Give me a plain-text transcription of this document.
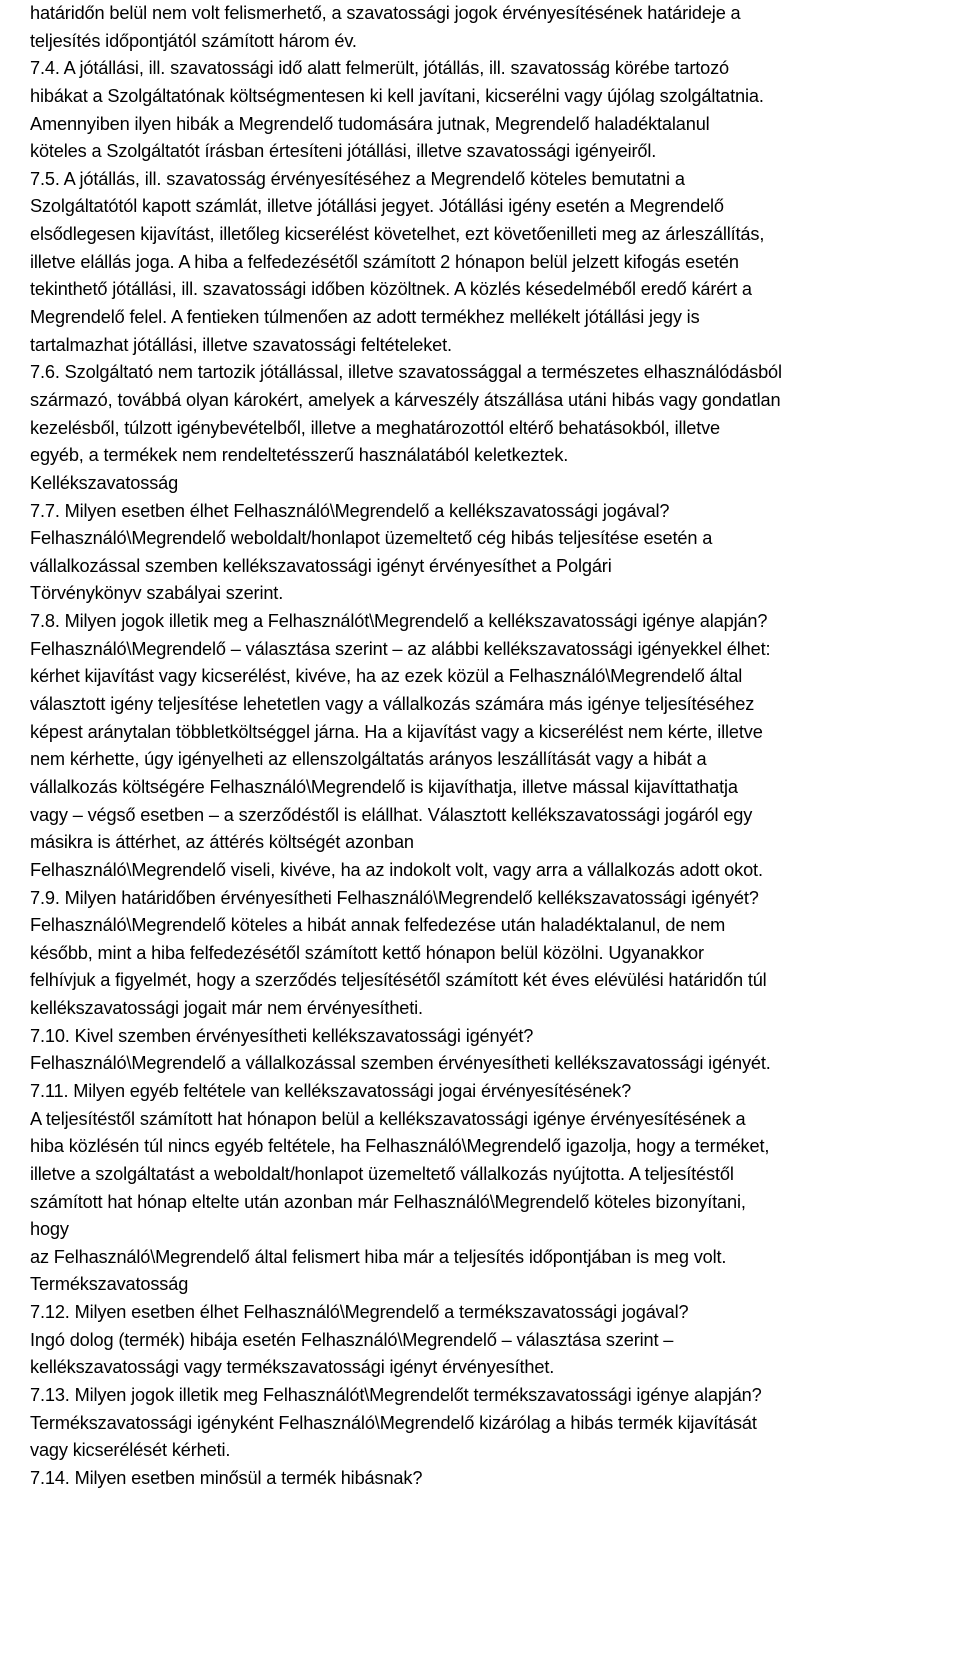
határidőn belül nem volt felismerhető, a szavatossági jogok érvényesítésének határideje a
teljesítés időpontjától számított három év.
7.4. A jótállási, ill. szavatossági idő alatt felmerült, jótállás, ill. szavatosság körébe tartozó
hibákat a Szolgáltatónak költségmentesen ki kell javítani, kicserélni vagy újólag szolgáltatnia.
Amennyiben ilyen hibák a Megrendelő tudomására jutnak, Megrendelő haladéktalanul
köteles a Szolgáltatót írásban értesíteni jótállási, illetve szavatossági igényeiről.
7.5. A jótállás, ill. szavatosság érvényesítéséhez a Megrendelő köteles bemutatni a
Szolgáltatótól kapott számlát, illetve jótállási jegyet. Jótállási igény esetén a Megrendelő
elsődlegesen kijavítást, illetőleg kicserélést követelhet, ezt követőenilleti meg az árleszállítás,
illetve elállás joga. A hiba a felfedezésétől számított 2 hónapon belül jelzett kifogás esetén
tekinthető jótállási, ill. szavatossági időben közöltnek. A közlés késedelméből eredő kárért a
Megrendelő felel. A fentieken túlmenően az adott termékhez mellékelt jótállási jegy is
tartalmazhat jótállási, illetve szavatossági feltételeket.
7.6. Szolgáltató nem tartozik jótállással, illetve szavatossággal a természetes elhasználódásból
származó, továbbá olyan károkért, amelyek a kárveszély átszállása utáni hibás vagy gondatlan
kezelésből, túlzott igénybevételből, illetve a meghatározottól eltérő behatásokból, illetve
egyéb, a termékek nem rendeltetésszerű használatából keletkeztek.
Kellékszavatosság
7.7. Milyen esetben élhet Felhasználó\Megrendelő a kellékszavatossági jogával?
Felhasználó\Megrendelő weboldalt/honlapot üzemeltető cég hibás teljesítése esetén a
vállalkozással szemben kellékszavatossági igényt érvényesíthet a Polgári
Törvénykönyv szabályai szerint.
7.8. Milyen jogok illetik meg a Felhasználót\Megrendelő a kellékszavatossági igénye alapján?
Felhasználó\Megrendelő – választása szerint – az alábbi kellékszavatossági igényekkel élhet:
kérhet kijavítást vagy kicserélést, kivéve, ha az ezek közül a Felhasználó\Megrendelő által
választott igény teljesítése lehetetlen vagy a vállalkozás számára más igénye teljesítéséhez
képest aránytalan többletköltséggel járna. Ha a kijavítást vagy a kicserélést nem kérte, illetve
nem kérhette, úgy igényelheti az ellenszolgáltatás arányos leszállítását vagy a hibát a
vállalkozás költségére Felhasználó\Megrendelő is kijavíthatja, illetve mással kijavíttathatja
vagy – végső esetben – a szerződéstől is elállhat. Választott kellékszavatossági jogáról egy
másikra is áttérhet, az áttérés költségét azonban
Felhasználó\Megrendelő viseli, kivéve, ha az indokolt volt, vagy arra a vállalkozás adott okot.
7.9. Milyen határidőben érvényesítheti Felhasználó\Megrendelő kellékszavatossági igényét?
Felhasználó\Megrendelő köteles a hibát annak felfedezése után haladéktalanul, de nem
később, mint a hiba felfedezésétől számított kettő hónapon belül közölni. Ugyanakkor
felhívjuk a figyelmét, hogy a szerződés teljesítésétől számított két éves elévülési határidőn túl
kellékszavatossági jogait már nem érvényesítheti.
7.10. Kivel szemben érvényesítheti kellékszavatossági igényét?
Felhasználó\Megrendelő a vállalkozással szemben érvényesítheti kellékszavatossági igényét.
7.11. Milyen egyéb feltétele van kellékszavatossági jogai érvényesítésének?
A teljesítéstől számított hat hónapon belül a kellékszavatossági igénye érvényesítésének a
hiba közlésén túl nincs egyéb feltétele, ha Felhasználó\Megrendelő igazolja, hogy a terméket,
illetve a szolgáltatást a weboldalt/honlapot üzemeltető vállalkozás nyújtotta. A teljesítéstől
számított hat hónap eltelte után azonban már Felhasználó\Megrendelő köteles bizonyítani,
hogy
az Felhasználó\Megrendelő által felismert hiba már a teljesítés időpontjában is meg volt.
Termékszavatosság
7.12. Milyen esetben élhet Felhasználó\Megrendelő a termékszavatossági jogával?
Ingó dolog (termék) hibája esetén Felhasználó\Megrendelő – választása szerint –
kellékszavatossági vagy termékszavatossági igényt érvényesíthet.
7.13. Milyen jogok illetik meg Felhasználót\Megrendelőt termékszavatossági igénye alapján?
Termékszavatossági igényként Felhasználó\Megrendelő kizárólag a hibás termék kijavítását
vagy kicserélését kérheti.
7.14. Milyen esetben minősül a termék hibásnak?
